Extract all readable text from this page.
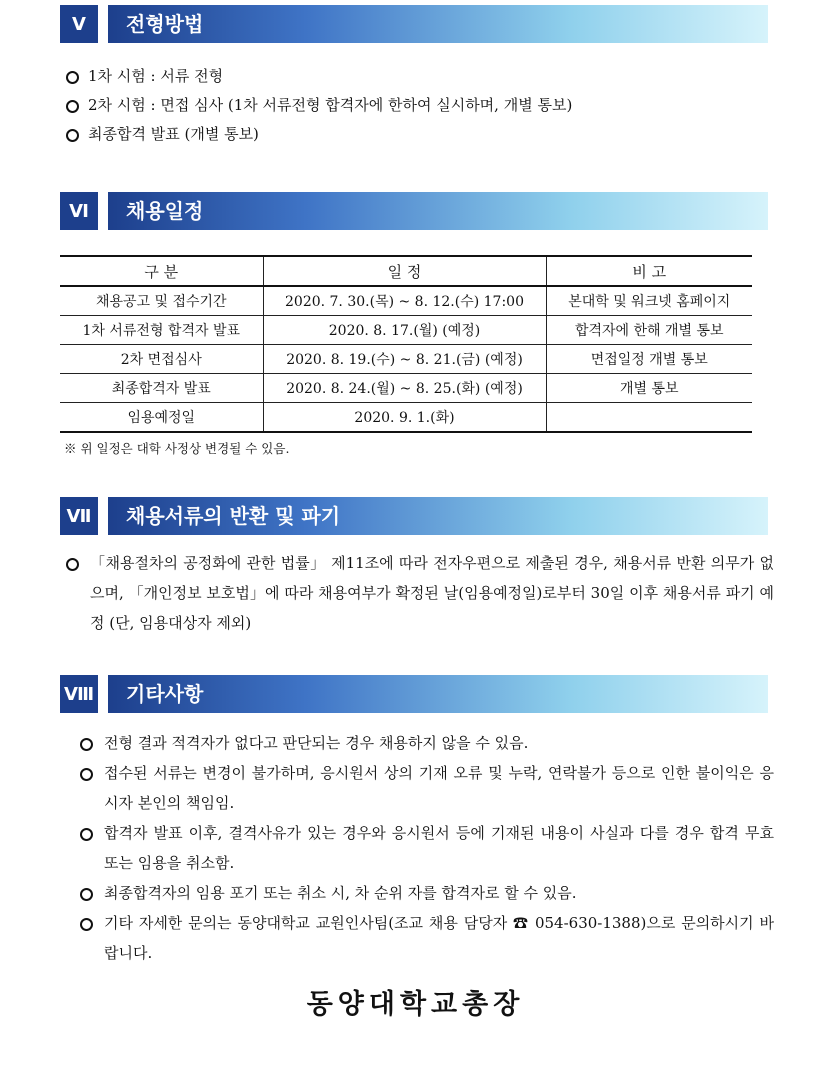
Ⅴ	전형방법
1차 시험 : 서류 전형
2차 시험 : 면접 심사 (1차 서류전형 합격자에 한하여 실시하며, 개별 통보)
최종합격 발표 (개별 통보)
Ⅵ	채용일정
구 분	일 정	비 고
채용공고 및 접수기간	2020. 7. 30.(목) ~ 8. 12.(수) 17:00	본대학 및 워크넷 홈페이지
1차 서류전형 합격자 발표	2020. 8. 17.(월) (예정)	합격자에 한해 개별 통보
2차 면접심사	2020. 8. 19.(수) ~ 8. 21.(금) (예정)	면접일정 개별 통보
최종합격자 발표	2020. 8. 24.(월) ~ 8. 25.(화) (예정)	개별 통보
임용예정일	2020. 9. 1.(화)	
※ 위 일정은 대학 사정상 변경될 수 있음.
Ⅶ	채용서류의 반환 및 파기
「채용절차의 공정화에 관한 법률」 제11조에 따라 전자우편으로 제출된 경우, 채용서류 반환 의무가 없으며, 「개인정보 보호법」에 따라 채용여부가 확정된 날(임용예정일)로부터 30일 이후 채용서류 파기 예정 (단, 임용대상자 제외)
Ⅷ 기타사항
전형 결과 적격자가 없다고 판단되는 경우 채용하지 않을 수 있음.
접수된 서류는 변경이 불가하며, 응시원서 상의 기재 오류 및 누락, 연락불가 등으로 인한 불이익은 응시자 본인의 책임임.
합격자 발표 이후, 결격사유가 있는 경우와 응시원서 등에 기재된 내용이 사실과 다를 경우 합격 무효 또는 임용을 취소함.
최종합격자의 임용 포기 또는 취소 시, 차 순위 자를 합격자로 할 수 있음.
기타 자세한 문의는 동양대학교 교원인사팀(조교 채용 담당자 ☎ 054-630-1388)으로 문의하시기 바랍니다.
동양대학교총장
